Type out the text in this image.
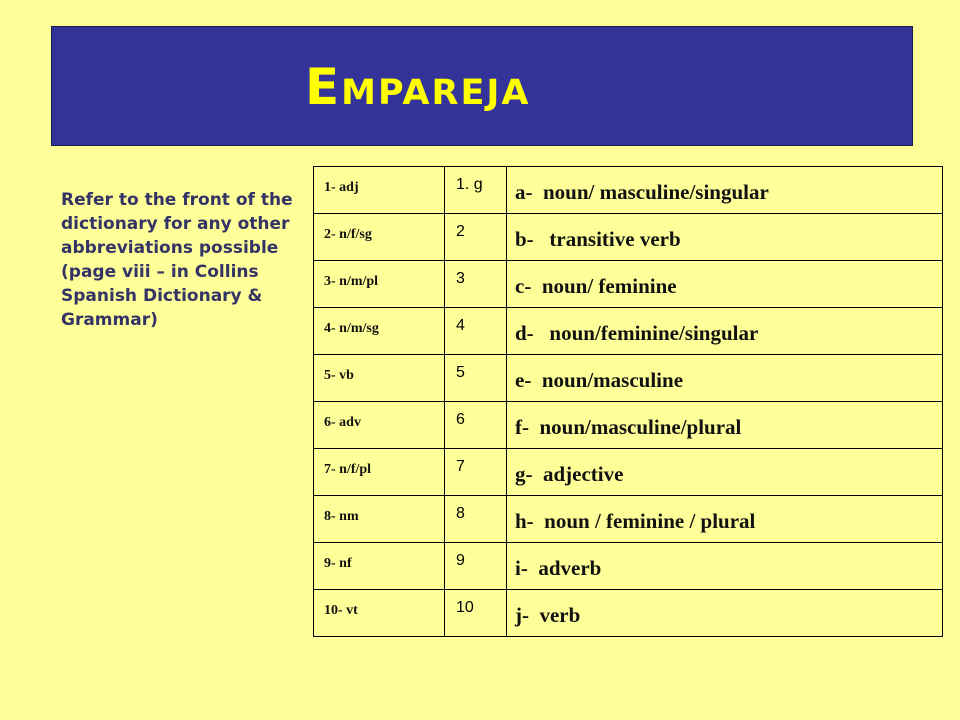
Empareja

Refer to the front of the dictionary for any other abbreviations possible (page viii – in Collins Spanish Dictionary & Grammar)

1- adj	1. g	a-  noun/ masculine/singular
2- n/f/sg	2	b-   transitive verb
3- n/m/pl	3	c-  noun/ feminine
4- n/m/sg	4	d-   noun/feminine/singular
5- vb	5	e-  noun/masculine
6- adv	6	f-  noun/masculine/plural
7- n/f/pl	7	g-  adjective
8- nm	8	h-  noun / feminine / plural
9- nf	9	i-  adverb
10- vt	10	j-  verb
